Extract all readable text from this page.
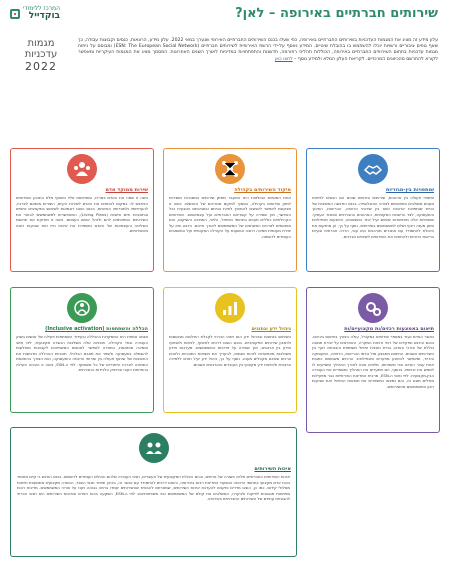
שירותים חברתיים באירופה – לאן?
המרכז ללימודי
בוקדייל
מגמות עדכניות
2022

עלון מידע זה מציג את המגמות העדכניות בשירותים החברתיים באירופה, כפי שעלו בכנס השירותים החברתיים האירופי שנערך במאי 2022. עלון מידע, הרצאות, כנסים וקבוצות עבודה, כך שאף גופים ציבוריים ורשויות יוכלו להשתמש בו בהובלת שינויים. המידע נאסף על-ידי הרשת האירופית לשירותים חברתיים (ESN: The European Social Network) ומבוסס על ניתוח מגמות עדכניות בתחום השירותים החברתיים באירופה, הכוללות תהליכי רפורמה, חדשנות והתפתחויות במדיניות לאורך השנים האחרונות. המסמך מציג את המגמות העיקריות ומאפשר לקורא להתרשם מהכיוונים המרכזיים. לקריאת העלון המלא ולמידע נוסף – לחצו כאן

שותפויות בין-מגזריות
שיתופי פעולה בין ארגונים, שירותים וגורמים שונים הם הבסיס לפיתוח מענים משולבים ומותאמים לצורכי האוכלוסייה. בכנס הודגשה החשיבות של בניית שותפויות ארוכות טווח בין שירותי הרווחה, הבריאות, החינוך והתעסוקה, לצד הרשויות המקומיות, הארגונים החברתיים והמגזר העסקי. שותפויות אלה מאפשרות שימוש יעיל יותר במשאבים, הימנעות מכפילויות ומתן מענה רציף ושלם למשתמשים בשירותים. נוסף על כך, הן מחזקות את היכולת להתמודד עם אתגרים מורכבים כמו עוני, הדרה חברתית ובעיות בריאות כרוניות ולהתאים את השירותים לשינויים בצרכים.
מיקוד השירותים בקהילה
אחת המגמות הבולטות היא המעבר ממתן שירותים במסגרות מוסדיות למתן שירותים בקהילה, בסמוך למקום מגוריהם של האנשים. גישה זו מבקשת לאפשר לאנשים להמשיך לחיות בביתם ובסביבתם הטבעית ככל האפשר, תוך שמירה על קשריהם החברתיים ועל עצמאותם. השירותים הקהילתיים כוללים מענים בתחומי הטיפול, הליווי, התמיכה והשיקום, והם מותאמים לצרכים המשתנים של המשתמשים לאורך חייהם. הדגש הוא על יצירת מעטפת תמיכה רחבה הנשענת על הקהילה המקומית ועל המשאבים העומדים לרשותה.
שירות ממוקד אדם
גישה זו שמה את האדם במרכז, ומתייחסת אליו כשותף מלא בתכנון השירותים הניתנים לו. במקום להתאים את האדם לשירות הקיים, השירות מותאם לצרכיו, להעדפותיו ולמטרותיו האישיות. בכנס הוצגו דוגמאות לשימוש בתקציבים אישיים ובתוכניות חיים אישיות (Living Plans), המאפשרים למשתמשים לבחור את השירותים המתאימים להם ולנהל אותם בעצמם. גישה זו מחזקת את תחושת השליטה והעצמאות של האדם ומשפרת את איכות חייו ואת שביעות רצונו מהשירותים.
תיאום באמצעות רכזים/ות מקצועיים/ות
כאשר האדם נעזר במספר שירותים במקביל, עולה הצורך בתיאום ביניהם. בכנס הודגש תפקידם של רכזי ורכזות המקרה, האחראים על יצירת תמונה כוללת של צורכי האדם, בניית תוכנית טיפול משותפת והבטחת רצף בין השירותים השונים. התיאום מתבצע מול גורמי הבריאות, הרווחה, התעסוקה והדיור, ומאפשר להימנע מפערים ומכפילויות. הרכזים משמשים כתובת אחת עבור האדם ובני משפחתו, מלווים אותו לאורך התהליך ומסייעים לו לממש את זכויותיו. בנוסף, הם מתעדים את התהליך ומשפרים את העבודה הבין-מקצועית. לפי נתוני ה-ESN, מרבית המדינות האירופיות כבר מפעילות מודלים מסוג זה, והם נמצאו כמשפרים את תוצאות הטיפול ואת שביעות רצון המשתמשים מהשירותים.
ניהול ידע ונתונים
השימוש בנתונים ובניהול ידע הוא תנאי הכרחי לקבלת החלטות מבוססות ולתכנון שירותים אפקטיביים. בכנס הוצגו דרכים לאיסוף, לניתוח ולשיתוף מידע בין ארגונים, תוך שמירה על פרטיות המשתמשים. מערכות מידע משולבות מאפשרות לזהות מגמות, להעריך את תוצאות התוכניות ולזהות צרכים שאינם מקבלים מענה. נוסף על כך, ניהול ידע יעיל תורם ללמידה ארגונית ולהפצת ידע מקצועי בין העובדים והארגונים השונים.
הכללה והשתתפות (Inclusive activation)
מגמה נוספת היא התמקדות בהכללה ובעידוד השתתפות פעילה של אנשים בשוק העבודה ובחיי הקהילה. תוכניות אלה משלבות הכשרה מקצועית, ליווי אישי ותמיכה מותאמת, במטרה לאפשר לאנשים המשתייכים לקבוצות מוחלשות להשתלב בתעסוקה ולשפר את מצבם הכלכלי. תוכניות ההכללה מדגישות את החשיבות של שיתוף פעולה בין שירותי הרווחה והתעסוקה, ואת הצורך בהתאמת התמיכה לצרכיו הייחודיים של כל משתתף. לפי ה-ESN, גישה זו הוכחה כיעילה בהפחתת העוני ובחיזוק הלכידות החברתית.
איכות השירותים
איכות השירותים החברתיים תלויה בשורה של גורמים, ובהם היכולת המקצועית של העובדים, תנאי העבודה שלהם והכלים העומדים לרשותם. בכנס הודגש כי קיים מחסור בכוח אדם מקצועי בתחומי הרווחה והסיעוד במדינות רבות באירופה, והוצגו דרכים להתמודד עם אתגר זה, ביניהן שיפור תנאי השכר, הכשרה מקצועית מתמשכת ופיתוח מסלולי קידום. כמו כן, הוצגו מדדים ותקנים להערכת איכות השירותים, שמטרתם להבטיח שהשירותים יעמדו ברמה גבוהה ויענו על צורכי המשתמשים. מדינות רבות מפתחות מנגנונים לפיקוח ולבקרה, המשלבים את קולם של המשתמשים ובני משפחותיהם. לפי ה-ESN, השקעה בכוח האדם ובאיכות השירותים היא תנאי הכרחי להבטחת עתידם של השירותים החברתיים באירופה.
